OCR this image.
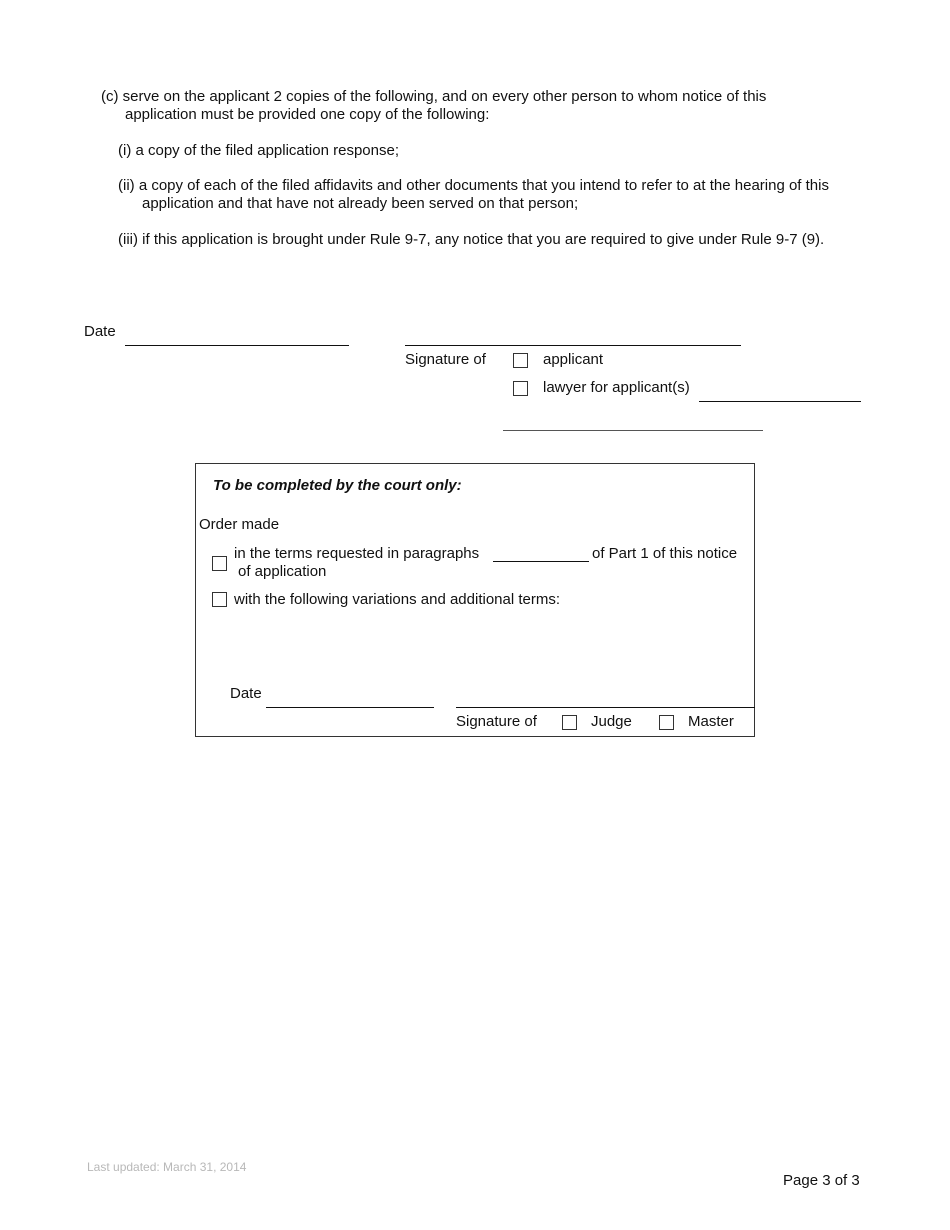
(c) serve on the applicant 2 copies of the following, and on every other person to whom notice of this
application must be provided one copy of the following:
(i) a copy of the filed application response;
(ii) a copy of each of the filed affidavits and other documents that you intend to refer to at the hearing of this
application and that have not already been served on that person;
(iii) if this application is brought under Rule 9-7, any notice that you are required to give under Rule 9-7 (9).
Date
Signature of	applicant
lawyer for applicant(s)
To be completed by the court only:
Order made
in the terms requested in paragraphs	of Part 1 of this notice
of application
with the following variations and additional terms:
Date
Signature of	Judge	Master
Last updated: March 31, 2014
Page 3 of 3
